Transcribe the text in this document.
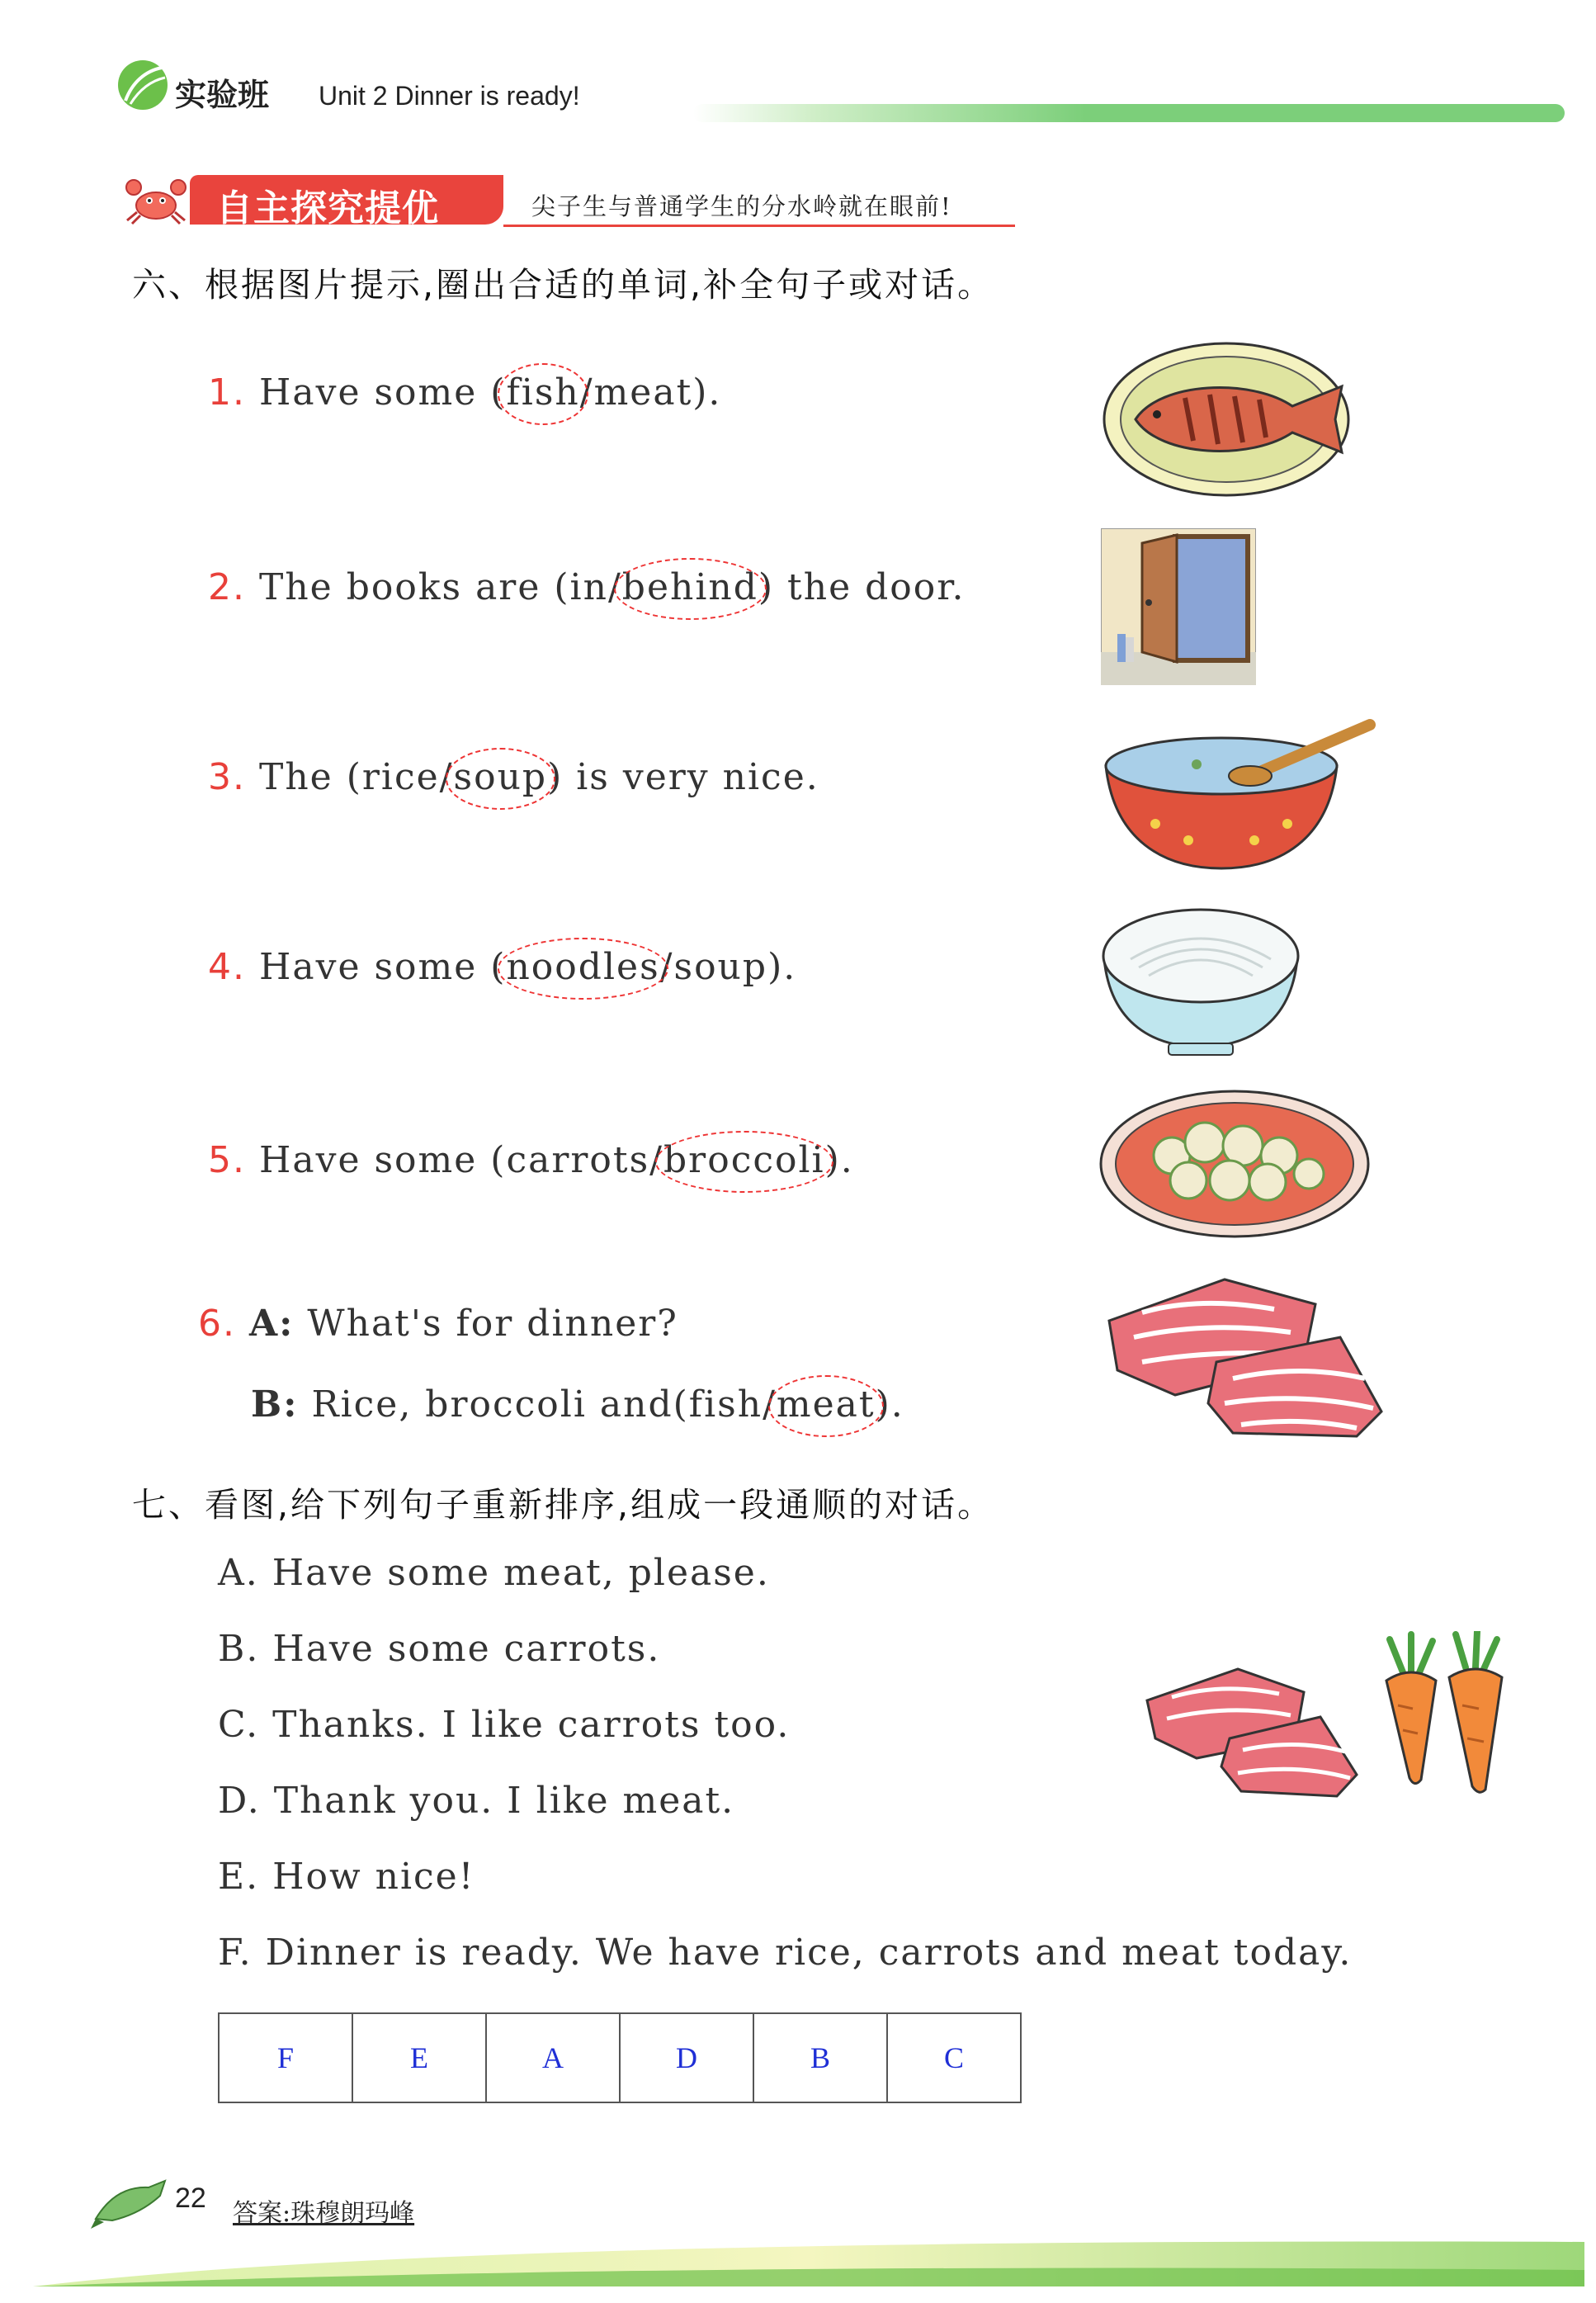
实验班 Unit 2 Dinner is ready!
自主探究提优	尖子生与普通学生的分水岭就在眼前!
六、根据图片提示,圈出合适的单词,补全句子或对话。
1. Have some (fish/meat).
2. The books are (in/behind) the door.
3. The (rice/soup) is very nice.
4. Have some (noodles/soup).
5. Have some (carrots/broccoli).
6. A: What's for dinner?
B: Rice, broccoli and(fish/meat).
七、看图,给下列句子重新排序,组成一段通顺的对话。
A. Have some meat, please.
B. Have some carrots.
C. Thanks. I like carrots too.
D. Thank you. I like meat.
E. How nice!
F. Dinner is ready. We have rice, carrots and meat today.
F	E	A	D	B	C
22 答案:珠穆朗玛峰
